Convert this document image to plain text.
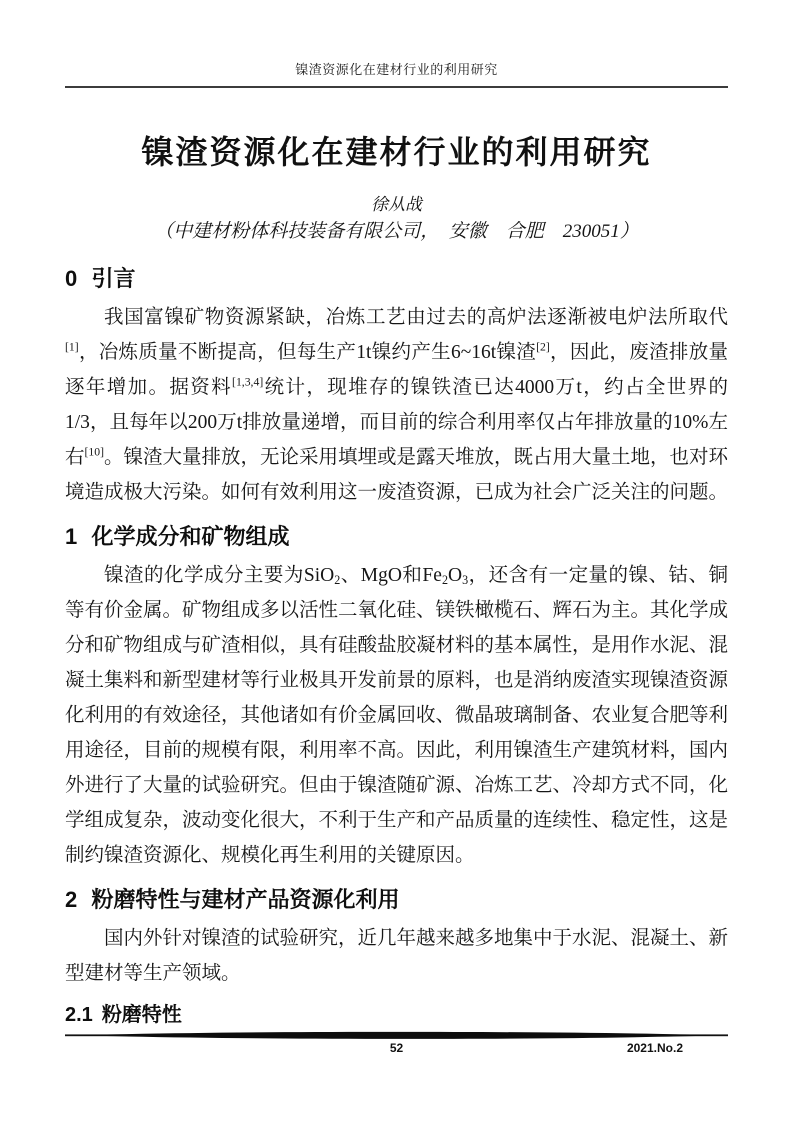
镍渣资源化在建材行业的利用研究
镍渣资源化在建材行业的利用研究
徐从战
（中建材粉体科技装备有限公司，　安徽　合肥　230051）
0 引言

我国富镍矿物资源紧缺，冶炼工艺由过去的高炉法逐渐被电炉法所取代[1]，冶炼质量不断提高，但每生产1t镍约产生6~16t镍渣[2]，因此，废渣排放量逐年增加。据资料[1,3,4]统计，现堆存的镍铁渣已达4000万t，约占全世界的1/3，且每年以200万t排放量递增，而目前的综合利用率仅占年排放量的10%左右[10]。镍渣大量排放，无论采用填埋或是露天堆放，既占用大量土地，也对环境造成极大污染。如何有效利用这一废渣资源，已成为社会广泛关注的问题。

1 化学成分和矿物组成

镍渣的化学成分主要为SiO$_2$、MgO和$Fe_2O_3$，还含有一定量的镍、钴、铜等有价金属。矿物组成多以活性二氧化硅、镁铁橄榄石、辉石为主。其化学成分和矿物组成与矿渣相似，具有硅酸盐胶凝材料的基本属性，是用作水泥、混凝土集料和新型建材等行业极具开发前景的原料，也是消纳废渣实现镍渣资源化利用的有效途径，其他诸如有价金属回收、微晶玻璃制备、农业复合肥等利用途径，目前的规模有限，利用率不高。因此，利用镍渣生产建筑材料，国内外进行了大量的试验研究。但由于镍渣随矿源、冶炼工艺、冷却方式不同，化学组成复杂，波动变化很大，不利于生产和产品质量的连续性、稳定性，这是制约镍渣资源化、规模化再生利用的关键原因。

2 粉磨特性与建材产品资源化利用

国内外针对镍渣的试验研究，近几年越来越多地集中于水泥、混凝土、新型建材等生产领域。

2.1 粉磨特性
52	2021.No.2
